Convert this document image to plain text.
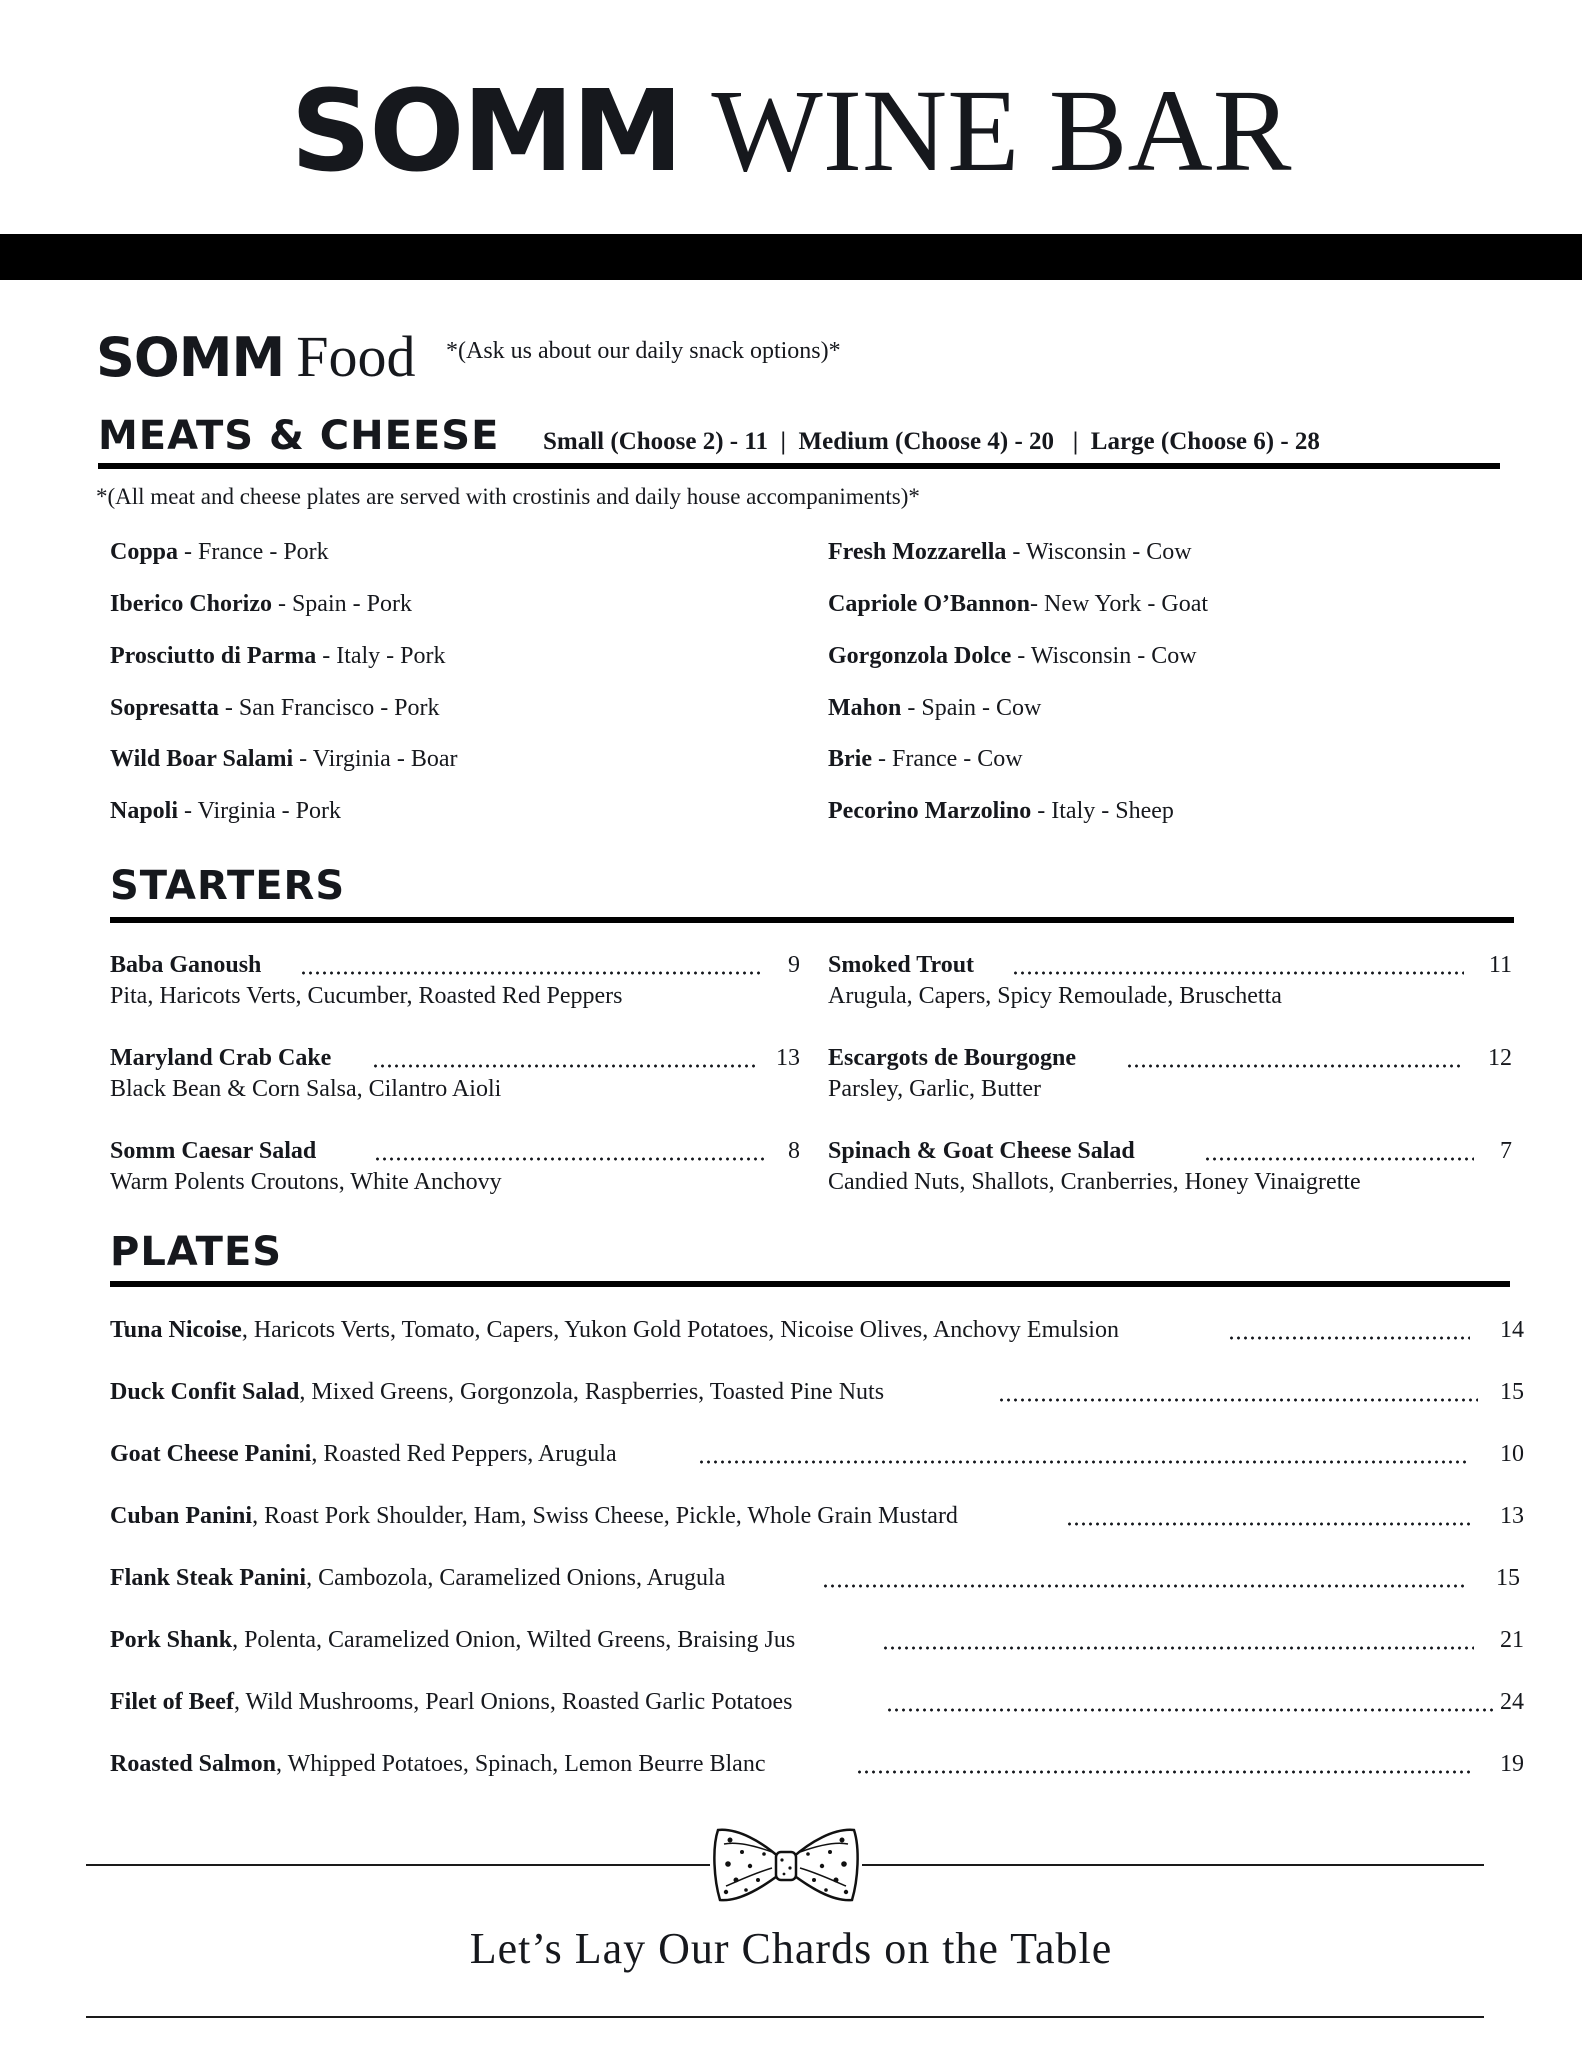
SOMM WINE BAR
SOMM Food *(Ask us about our daily snack options)*
MEATS & CHEESE Small (Choose 2) - 11  |  Medium (Choose 4) - 20   |  Large (Choose 6) - 28
*(All meat and cheese plates are served with crostinis and daily house accompaniments)*
Coppa - France - Pork
Iberico Chorizo - Spain - Pork
Prosciutto di Parma - Italy - Pork
Sopresatta - San Francisco - Pork
Wild Boar Salami - Virginia - Boar
Napoli - Virginia - Pork
Fresh Mozzarella - Wisconsin - Cow
Capriole O’Bannon- New York - Goat
Gorgonzola Dolce - Wisconsin - Cow
Mahon - Spain - Cow
Brie - France - Cow
Pecorino Marzolino - Italy - Sheep
STARTERS
Baba Ganoush	9
Pita, Haricots Verts, Cucumber, Roasted Red Peppers
Maryland Crab Cake	13
Black Bean & Corn Salsa, Cilantro Aioli
Somm Caesar Salad	8
Warm Polents Croutons, White Anchovy
Smoked Trout	11
Arugula, Capers, Spicy Remoulade, Bruschetta
Escargots de Bourgogne	12
Parsley, Garlic, Butter
Spinach & Goat Cheese Salad	7
Candied Nuts, Shallots, Cranberries, Honey Vinaigrette
PLATES
Tuna Nicoise, Haricots Verts, Tomato, Capers, Yukon Gold Potatoes, Nicoise Olives, Anchovy Emulsion	14
Duck Confit Salad, Mixed Greens, Gorgonzola, Raspberries, Toasted Pine Nuts	15
Goat Cheese Panini, Roasted Red Peppers, Arugula	10
Cuban Panini, Roast Pork Shoulder, Ham, Swiss Cheese, Pickle, Whole Grain Mustard	13
Flank Steak Panini, Cambozola, Caramelized Onions, Arugula	15
Pork Shank, Polenta, Caramelized Onion, Wilted Greens, Braising Jus	21
Filet of Beef, Wild Mushrooms, Pearl Onions, Roasted Garlic Potatoes	24
Roasted Salmon, Whipped Potatoes, Spinach, Lemon Beurre Blanc	19
Let’s Lay Our Chards on the Table
